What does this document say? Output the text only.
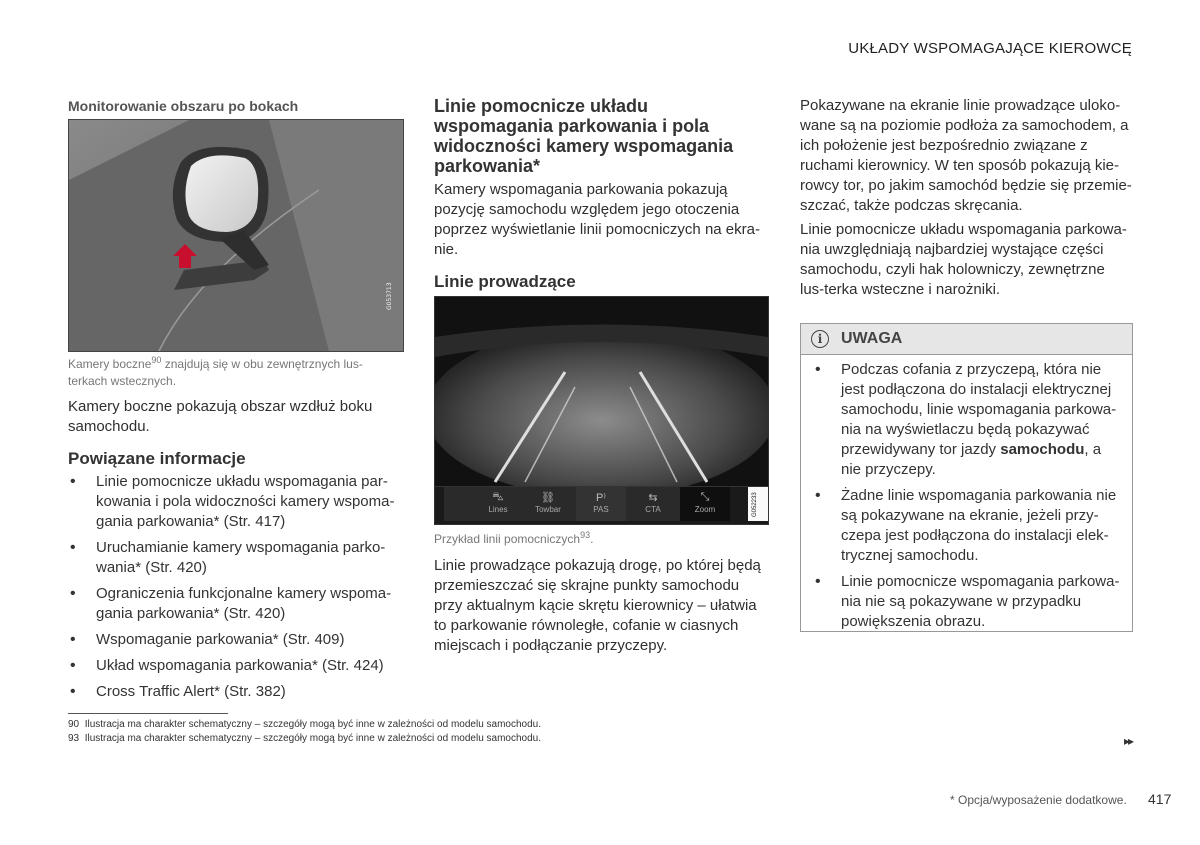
UKŁADY WSPOMAGAJĄCE KIEROWCĘ
Monitorowanie obszaru po bokach
G053713
Kamery boczne$^{90}$ znajdują się w obu zewnętrznych lus-terkach wstecznych.
Kamery boczne pokazują obszar wzdłuż boku samochodu.
Powiązane informacje
• Linie pomocnicze układu wspomagania par-kowania i pola widoczności kamery wspoma-gania parkowania* (Str. 417)
• Uruchamianie kamery wspomagania parko-wania* (Str. 420)
• Ograniczenia funkcjonalne kamery wspoma-gania parkowania* (Str. 420)
• Wspomaganie parkowania* (Str. 409)
• Układ wspomagania parkowania* (Str. 424)
• Cross Traffic Alert* (Str. 382)
Linie pomocnicze układu wspomagania parkowania i pola widoczności kamery wspomagania parkowania*
Kamery wspomagania parkowania pokazują pozycję samochodu względem jego otoczenia poprzez wyświetlanie linii pomocniczych na ekra-nie.
Linie prowadzące
⛍
Lines
⛓
Towbar
P⁾
PAS
⇆
CTA
⤡
Zoom	G052233
Przykład linii pomocniczych$^{93}$.
Linie prowadzące pokazują drogę, po której będą przemieszczać się skrajne punkty samochodu przy aktualnym kącie skrętu kierownicy – ułatwia to parkowanie równoległe, cofanie w ciasnych miejscach i podłączanie przyczepy.
Pokazywane na ekranie linie prowadzące uloko-wane są na poziomie podłoża za samochodem, a ich położenie jest bezpośrednio związane z ruchami kierownicy. W ten sposób pokazują kie-rowcy tor, po jakim samochód będzie się przemie-szczać, także podczas skręcania.
Linie pomocnicze układu wspomagania parkowa-nia uwzględniają najbardziej wystające części samochodu, czyli hak holowniczy, zewnętrzne lus-terka wsteczne i narożniki.
i	UWAGA
• Podczas cofania z przyczepą, która nie jest podłączona do instalacji elektrycznej samochodu, linie wspomagania parkowa-nia na wyświetlaczu będą pokazywać przewidywany tor jazdy samochodu, a nie przyczepy.
• Żadne linie wspomagania parkowania nie są pokazywane na ekranie, jeżeli przy-czepa jest podłączona do instalacji elek-trycznej samochodu.
• Linie pomocnicze wspomagania parkowa-nia nie są pokazywane w przypadku powiększenia obrazu.
90 Ilustracja ma charakter schematyczny – szczegóły mogą być inne w zależności od modelu samochodu.
93 Ilustracja ma charakter schematyczny – szczegóły mogą być inne w zależności od modelu samochodu.	▸▸
* Opcja/wyposażenie dodatkowe. 417
